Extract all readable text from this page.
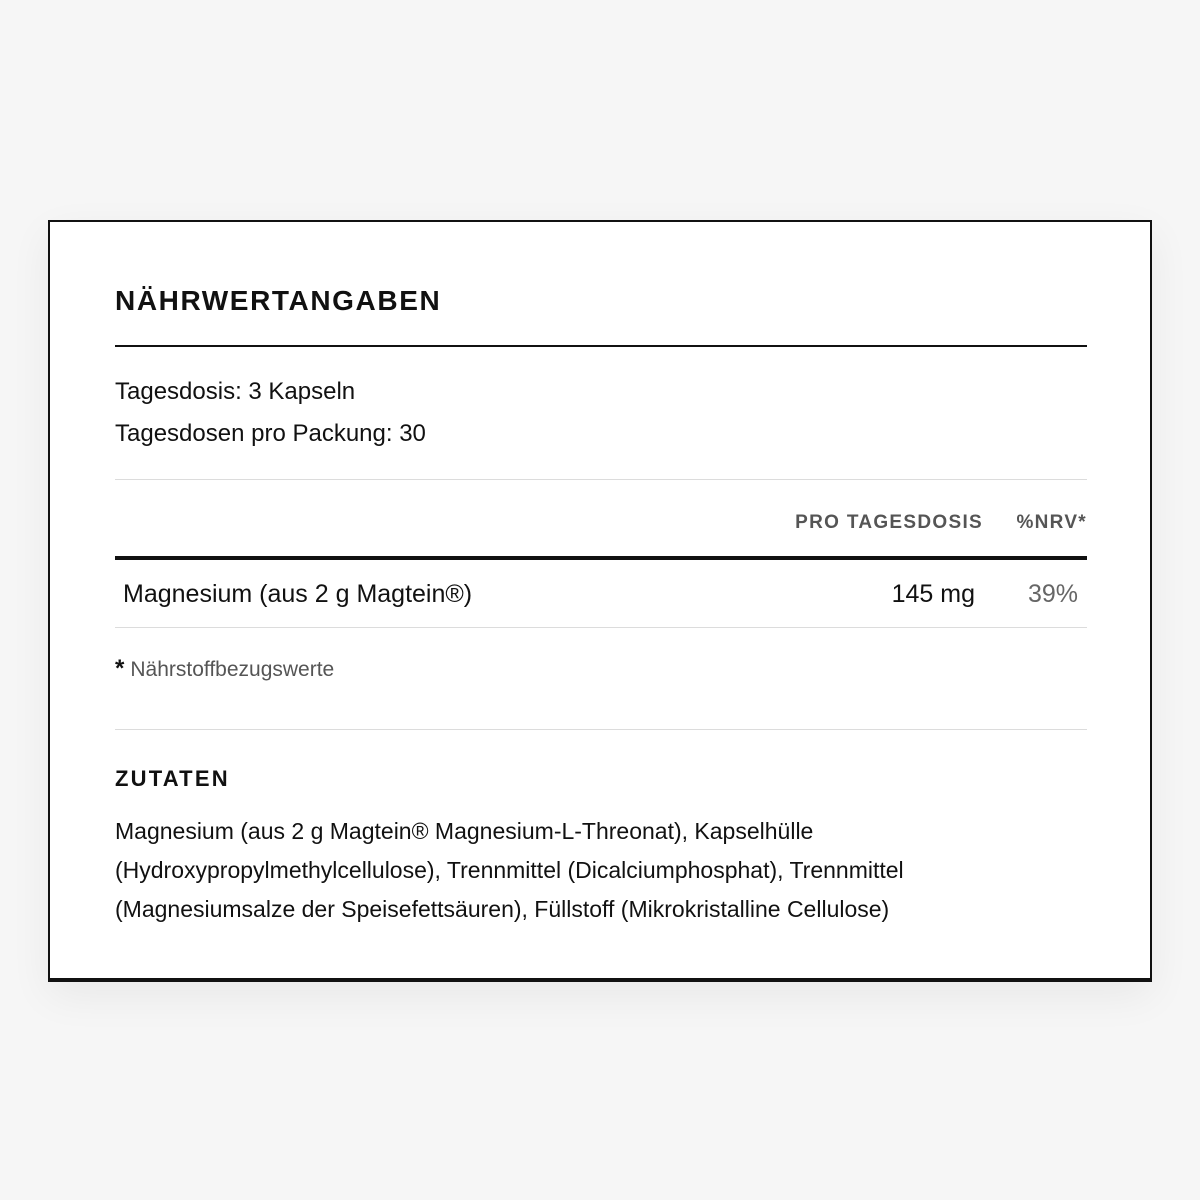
NÄHRWERTANGABEN
Tagesdosis: 3 Kapseln
Tagesdosen pro Packung: 30
PRO TAGESDOSIS %NRV*
Magnesium (aus 2 g Magtein®)	145 mg 39%
* Nährstoffbezugswerte
ZUTATEN

Magnesium (aus 2 g Magtein® Magnesium-L-Threonat), Kapselhülle (Hydroxypropylmethylcellulose), Trennmittel (Dicalciumphosphat), Trennmittel (Magnesiumsalze der Speisefettsäuren), Füllstoff (Mikrokristalline Cellulose)
